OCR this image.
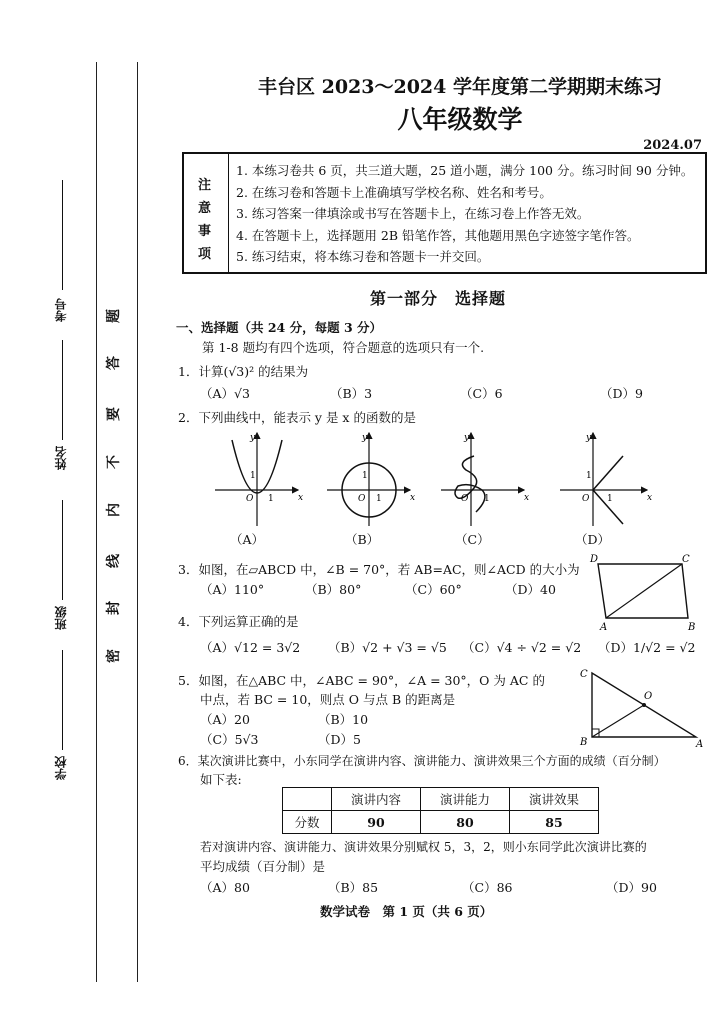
考号
姓名
班级
学校
题
答
要
不
内
线
封
密
丰台区 2023～2024 学年度第二学期期末练习
八年级数学
2024.07
注
意
事
项
1. 本练习卷共 6 页，共三道大题，25 道小题，满分 100 分。练习时间 90 分钟。
2. 在练习卷和答题卡上准确填写学校名称、姓名和考号。
3. 练习答案一律填涂或书写在答题卡上，在练习卷上作答无效。
4. 在答题卡上，选择题用 2B 铅笔作答，其他题用黑色字迹签字笔作答。
5. 练习结束，将本练习卷和答题卡一并交回。
第一部分　选择题
一、选择题（共 24 分，每题 3 分）
第 1-8 题均有四个选项，符合题意的选项只有一个.
1．计算(√3)² 的结果为
（A）√3	（B）3	（C）6	（D）9
2．下列曲线中，能表示 y 是 x 的函数的是
y
x
O 1
1
y
x
O 1
1
y
x
O 1
y
x
O 1
1
（A）	（B）	（C）	（D）
3．如图，在▱ABCD 中，∠B = 70°，若 AB=AC，则∠ACD 的大小为
（A）110°	（B）80°	（C）60°	（D）40
D	C
A	B
4．下列运算正确的是
（A）√12 = 3√2 （B）√2 + √3 = √5 （C）√4 ÷ √2 = √2 （D）1/√2 = √2
5．如图，在△ABC 中，∠ABC = 90°，∠A = 30°，O 为 AC 的
中点，若 BC = 10，则点 O 与点 B 的距离是
（A）20	（B）10
（C）5√3	（D）5
C
O
B	A
6．某次演讲比赛中，小东同学在演讲内容、演讲能力、演讲效果三个方面的成绩（百分制）
如下表:
	演讲内容	演讲能力	演讲效果
分数	90	80	85
若对演讲内容、演讲能力、演讲效果分别赋权 5，3，2，则小东同学此次演讲比赛的
平均成绩（百分制）是
（A）80	（B）85	（C）86	（D）90
数学试卷　第 1 页（共 6 页）
